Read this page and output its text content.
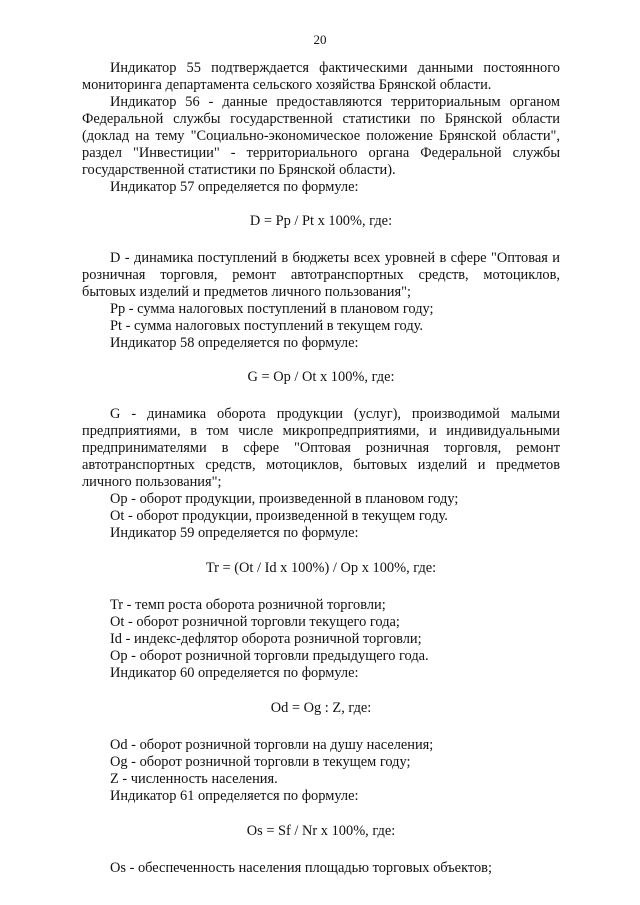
20

Индикатор 55 подтверждается фактическими данными постоянного мониторинга департамента сельского хозяйства Брянской области.

Индикатор 56 - данные предоставляются территориальным органом Федеральной службы государственной статистики по Брянской области (доклад на тему "Социально-экономическое положение Брянской области", раздел "Инвестиции" - территориального органа Федеральной службы государственной статистики по Брянской области).

Индикатор 57 определяется по формуле:

D = Pp / Pt x 100%, где:

D - динамика поступлений в бюджеты всех уровней в сфере "Оптовая и розничная торговля, ремонт автотранспортных средств, мотоциклов, бытовых изделий и предметов личного пользования";

Pp - сумма налоговых поступлений в плановом году;

Pt - сумма налоговых поступлений в текущем году.

Индикатор 58 определяется по формуле:

G = Op / Ot x 100%, где:

G - динамика оборота продукции (услуг), производимой малыми предприятиями, в том числе микропредприятиями, и индивидуальными предпринимателями в сфере "Оптовая розничная торговля, ремонт автотранспортных средств, мотоциклов, бытовых изделий и предметов личного пользования";

Op - оборот продукции, произведенной в плановом году;

Ot - оборот продукции, произведенной в текущем году.

Индикатор 59 определяется по формуле:

Tr = (Ot / Id x 100%) / Op x 100%, где:

Tr - темп роста оборота розничной торговли;

Ot - оборот розничной торговли текущего года;

Id - индекс-дефлятор оборота розничной торговли;

Op - оборот розничной торговли предыдущего года.

Индикатор 60 определяется по формуле:

Od = Og : Z, где:

Od - оборот розничной торговли на душу населения;

Og - оборот розничной торговли в текущем году;

Z - численность населения.

Индикатор 61 определяется по формуле:

Os = Sf / Nr x 100%, где:

Os - обеспеченность населения площадью торговых объектов;
